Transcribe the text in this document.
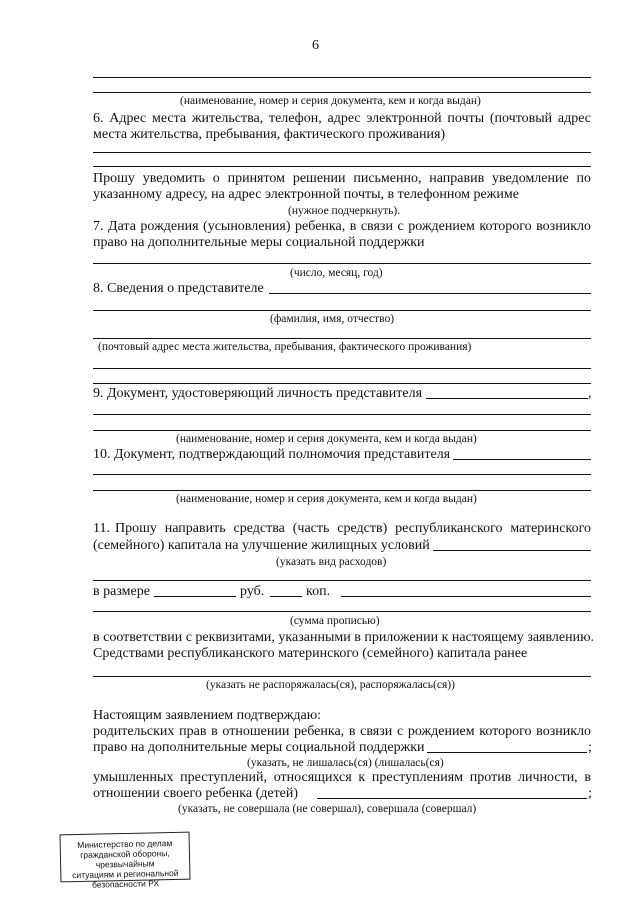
6
(наименование, номер и серия документа, кем и когда выдан)
6. Адрес места жительства, телефон, адрес электронной почты (почтовый адрес
места жительства, пребывания, фактического проживания)
Прошу уведомить о принятом решении письменно, направив уведомление по
указанному адресу, на адрес электронной почты, в телефонном режиме
(нужное подчеркнуть).
7. Дата рождения (усыновления) ребенка, в связи с рождением которого возникло
право на дополнительные меры социальной поддержки
(число, месяц, год)
8. Сведения о представителе
(фамилия, имя, отчество)
(почтовый адрес места жительства, пребывания, фактического проживания)
9. Документ, удостоверяющий личность представителя	,
(наименование, номер и серия документа, кем и когда выдан)
10. Документ, подтверждающий полномочия представителя
(наименование, номер и серия документа, кем и когда выдан)
11. Прошу направить средства (часть средств) республиканского материнского
(семейного) капитала на улучшение жилищных условий
(указать вид расходов)
в размере	руб.	коп.
(сумма прописью)
в соответствии с реквизитами, указанными в приложении к настоящему заявлению.
Средствами республиканского материнского (семейного) капитала ранее
(указать не распоряжалась(ся), распоряжалась(ся))
Настоящим заявлением подтверждаю:
родительских прав в отношении ребенка, в связи с рождением которого возникло
право на дополнительные меры социальной поддержки	;
(указать, не лишалась(ся) (лишалась(ся)
умышленных преступлений, относящихся к преступлениям против личности, в
отношении своего ребенка (детей)	;
(указать, не совершала (не совершал), совершала (совершал)
Министерство по делам
гражданской обороны, чрезвычайным
ситуациям и региональной
безопасности РХ
